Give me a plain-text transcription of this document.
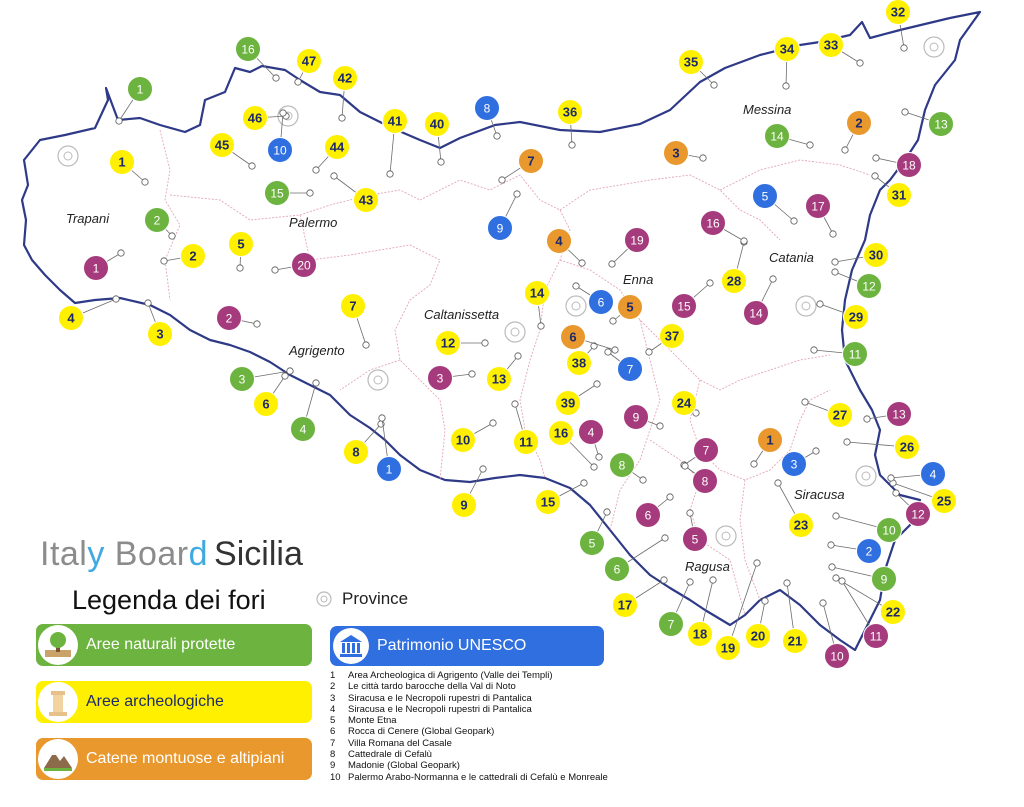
Trapani	Palermo
Messina
Agrigento
Caltanissetta
Enna
Catania
Siracusa
Ragusa
1
2
3
4
5
6
7
8
9
10
11
12
13
14
15
16
1
2
3
4
5
6
7
8
9
10	11
12
13
14
15
16
17
18
19
20 21
22
23
24
25
26
27
28
29
30
31
32
33
34
35
36
37
38
39
40
41
42
43
44
45
46
47
1
2
3
4
5
6
7
1
2
3
4
5
6
7
8
9
10
1
2
3
4
5
6
7
8
9
10
11
12
13
14
15
16
17
18
19
20
Italy Board Sicilia
Legenda dei fori	Province
Aree naturali protette
Aree archeologiche
Catene montuose e altipiani
Patrimonio UNESCO
1	Area Archeologica di Agrigento (Valle dei Templi)
2	Le città tardo barocche della Val di Noto
3	Siracusa e le Necropoli rupestri di Pantalica
4	Siracusa e le Necropoli rupestri di Pantalica
5	Monte Etna
6	Rocca di Cenere (Global Geopark)
7	Villa Romana del Casale
8	Cattedrale di Cefalù
9	Madonie (Global Geopark)
10 Palermo Arabo-Normanna e le cattedrali di Cefalù e Monreale
